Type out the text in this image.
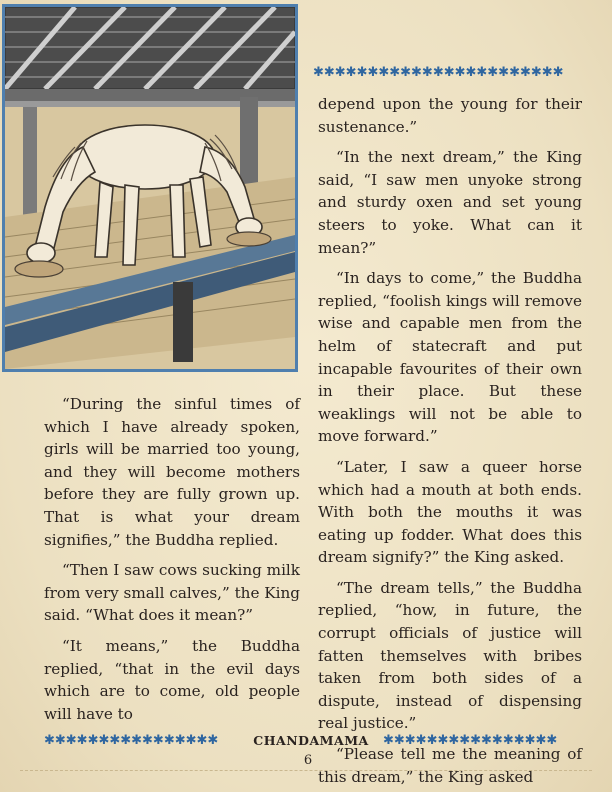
✱✱✱✱✱✱✱✱✱✱✱✱✱✱✱✱✱✱✱✱✱✱✱

“During the sinful times of which I have already spoken, girls will be married too young, and they will become mothers before they are fully grown up. That is what your dream signifies,” the Buddha replied.

“Then I saw cows sucking milk from very small calves,” the King said. “What does it mean?”

“It means,” the Buddha replied, “that in the evil days which are to come, old people will have to

depend upon the young for their sustenance.”

“In the next dream,” the King said, “I saw men unyoke strong and sturdy oxen and set young steers to yoke. What can it mean?”

“In days to come,” the Buddha replied, “foolish kings will remove wise and capable men from the helm of statecraft and put incapable favourites of their own in their place. But these weaklings will not be able to move forward.”

“Later, I saw a queer horse which had a mouth at both ends. With both the mouths it was eating up fodder. What does this dream signify?” the King asked.

“The dream tells,” the Buddha replied, “how, in future, the corrupt officials of justice will fatten themselves with bribes taken from both sides of a dispute, instead of dispensing real justice.”

“Please tell me the meaning of this dream,” the King asked

✱✱✱✱✱✱✱✱✱✱✱✱✱✱✱✱	✱✱✱✱✱✱✱✱✱✱✱✱✱✱✱✱
CHANDAMAMA
6
